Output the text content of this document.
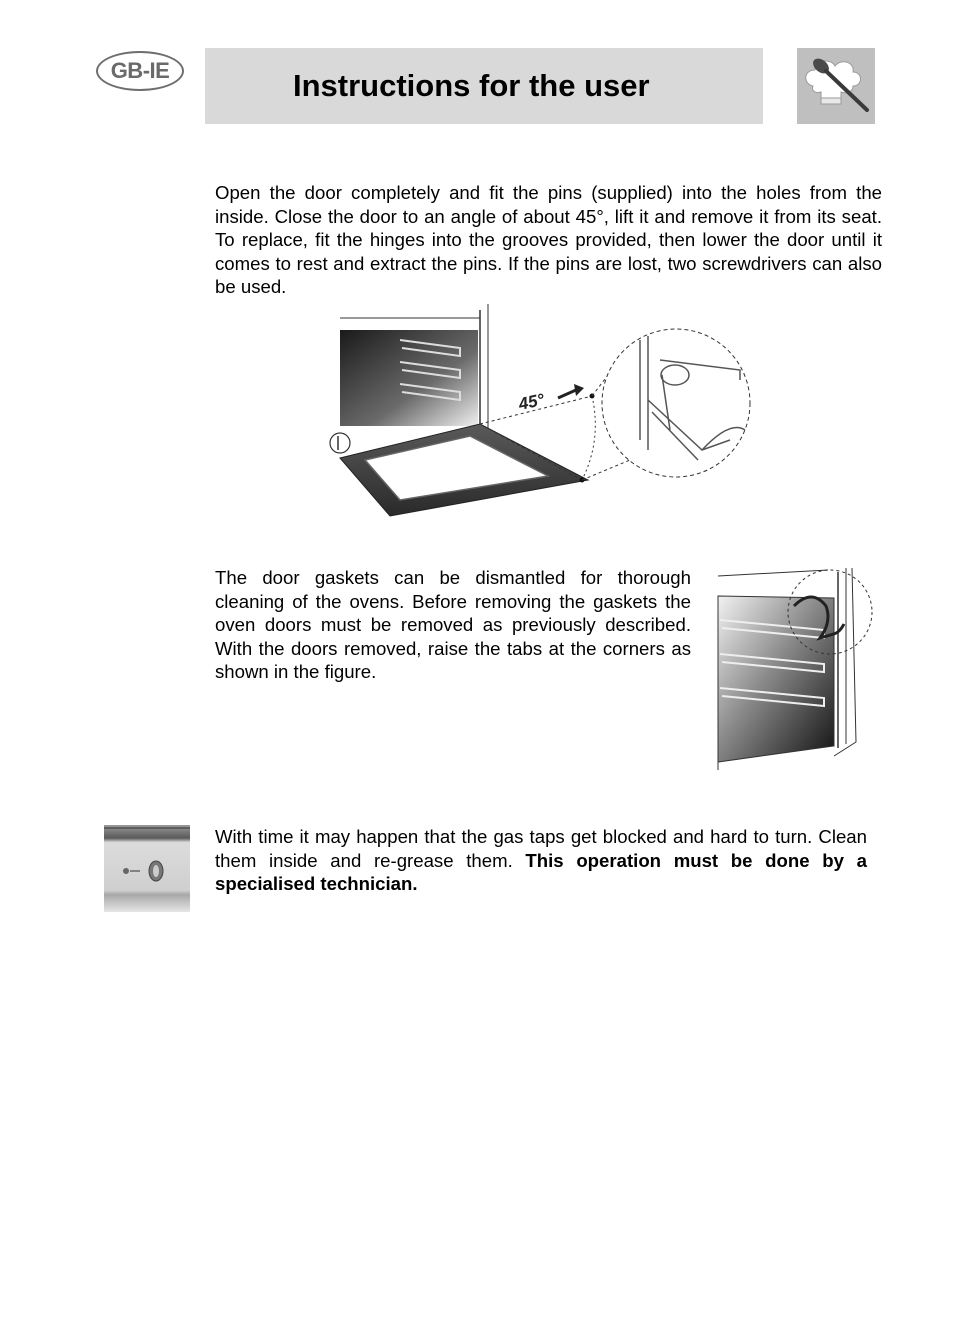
GB-IE	Instructions for the user
Open the door completely and fit the pins (supplied) into the holes from the inside. Close the door to an angle of about 45°, lift it and remove it from its seat. To replace, fit the hinges into the grooves provided, then lower the door until it comes to rest and extract the pins. If the pins are lost, two screwdrivers can also be used.
45°
The door gaskets can be dismantled for thorough cleaning of the ovens. Before removing the gaskets the oven doors must be removed as previously described. With the doors removed, raise the tabs at the corners as shown in the figure.
With time it may happen that the gas taps get blocked and hard to turn. Clean them inside and re-grease them. This operation must be done by a specialised technician.
